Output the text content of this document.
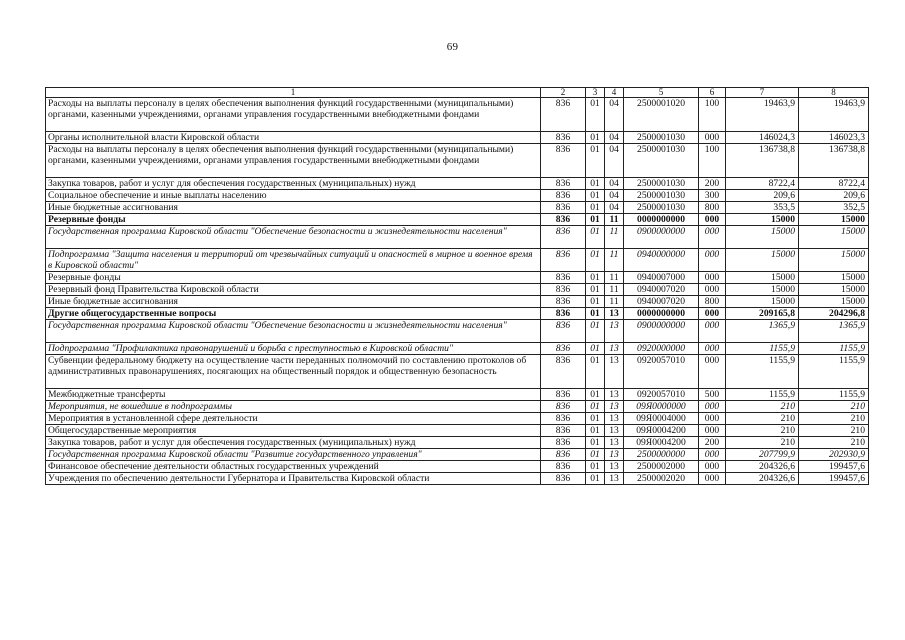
69
1	2	3	4	5	6	7	8
Расходы на выплаты персоналу в целях обеспечения выполнения функций государственными (муниципальными) органами, казенными учреждениями, органами управления государственными внебюджетными фондами	836	01	04	2500001020	100	19463,9	19463,9
Органы исполнительной власти Кировской области	836	01	04	2500001030	000	146024,3	146023,3
Расходы на выплаты персоналу в целях обеспечения выполнения функций государственными (муниципальными) органами, казенными учреждениями, органами управления государственными внебюджетными фондами	836	01	04	2500001030	100	136738,8	136738,8
Закупка товаров, работ и услуг для обеспечения государственных (муниципальных) нужд	836	01	04	2500001030	200	8722,4	8722,4
Социальное обеспечение и иные выплаты населению	836	01	04	2500001030	300	209,6	209,6
Иные бюджетные ассигнования	836	01	04	2500001030	800	353,5	352,5
Резервные фонды	836	01	11	0000000000	000	15000	15000
Государственная программа Кировской области "Обеспечение безопасности и жизнедеятельности населения"	836	01	11	0900000000	000	15000	15000
Подпрограмма "Защита населения и территорий от чрезвычайных ситуаций и опасностей в мирное и военное время в Кировской области"	836	01	11	0940000000	000	15000	15000
Резервные фонды	836	01	11	0940007000	000	15000	15000
Резервный фонд Правительства Кировской области	836	01	11	0940007020	000	15000	15000
Иные бюджетные ассигнования	836	01	11	0940007020	800	15000	15000
Другие общегосударственные вопросы	836	01	13	0000000000	000	209165,8	204296,8
Государственная программа Кировской области "Обеспечение безопасности и жизнедеятельности населения"	836	01	13	0900000000	000	1365,9	1365,9
Подпрограмма "Профилактика правонарушений и борьба с преступностью в Кировской области"	836	01	13	0920000000	000	1155,9	1155,9
Субвенции федеральному бюджету на осуществление части переданных полномочий по составлению протоколов об административных правонарушениях, посягающих на общественный порядок и общественную безопасность	836	01	13	0920057010	000	1155,9	1155,9
Межбюджетные трансферты	836	01	13	0920057010	500	1155,9	1155,9
Мероприятия, не вошедшие в подпрограммы	836	01	13	09Я0000000	000	210	210
Мероприятия в установленной сфере деятельности	836	01	13	09Я0004000	000	210	210
Общегосударственные мероприятия	836	01	13	09Я0004200	000	210	210
Закупка товаров, работ и услуг для обеспечения государственных (муниципальных) нужд	836	01	13	09Я0004200	200	210	210
Государственная программа Кировской области "Развитие государственного управления"	836	01	13	2500000000	000	207799,9	202930,9
Финансовое обеспечение деятельности областных государственных учреждений	836	01	13	2500002000	000	204326,6	199457,6
Учреждения по обеспечению деятельности Губернатора и Правительства Кировской области	836	01	13	2500002020	000	204326,6	199457,6
